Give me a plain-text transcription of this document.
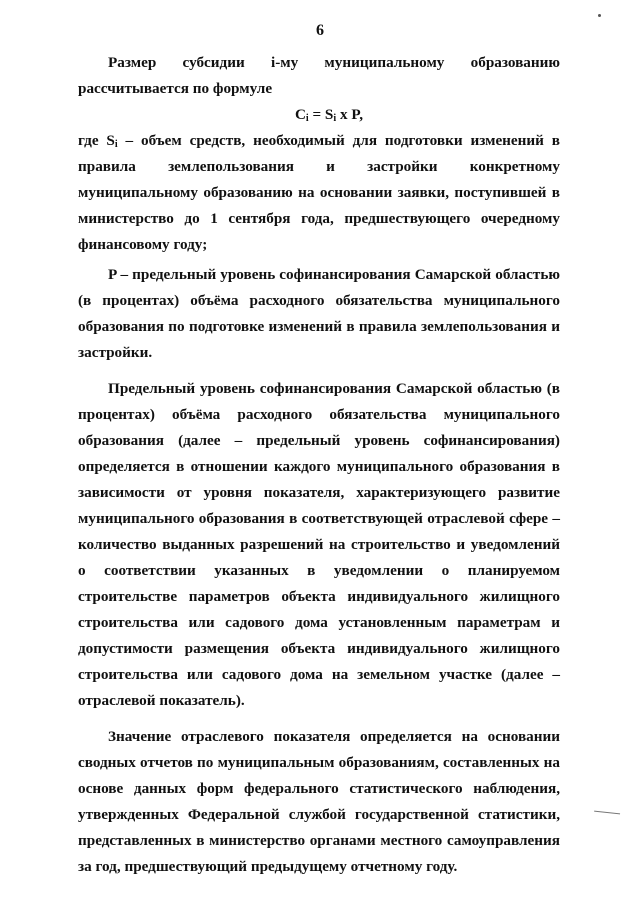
6

Размер субсидии i-му муниципальному образованию рассчитывается по формуле

$C_i = S_i$ x P,

где $S_i$ – объем средств, необходимый для подготовки изменений в правила землепользования и застройки конкретному муниципальному образованию на основании заявки, поступившей в министерство до 1 сентября года, предшествующего очередному финансовому году;

P – предельный уровень софинансирования Самарской областью (в процентах) объёма расходного обязательства муниципального образования по подготовке изменений в правила землепользования и застройки.

Предельный уровень софинансирования Самарской областью (в процентах) объёма расходного обязательства муниципального образования (далее – предельный уровень софинансирования) определяется в отношении каждого муниципального образования в зависимости от уровня показателя, характеризующего развитие муниципального образования в соответствующей отраслевой сфере – количество выданных разрешений на строительство и уведомлений о соответствии указанных в уведомлении о планируемом строительстве параметров объекта индивидуального жилищного строительства или садового дома установленным параметрам и допустимости размещения объекта индивидуального жилищного строительства или садового дома на земельном участке (далее – отраслевой показатель).

Значение отраслевого показателя определяется на основании сводных отчетов по муниципальным образованиям, составленных на основе данных форм федерального статистического наблюдения, утвержденных Федеральной службой государственной статистики, представленных в министерство органами местного самоуправления за год, предшествующий предыдущему отчетному году.
